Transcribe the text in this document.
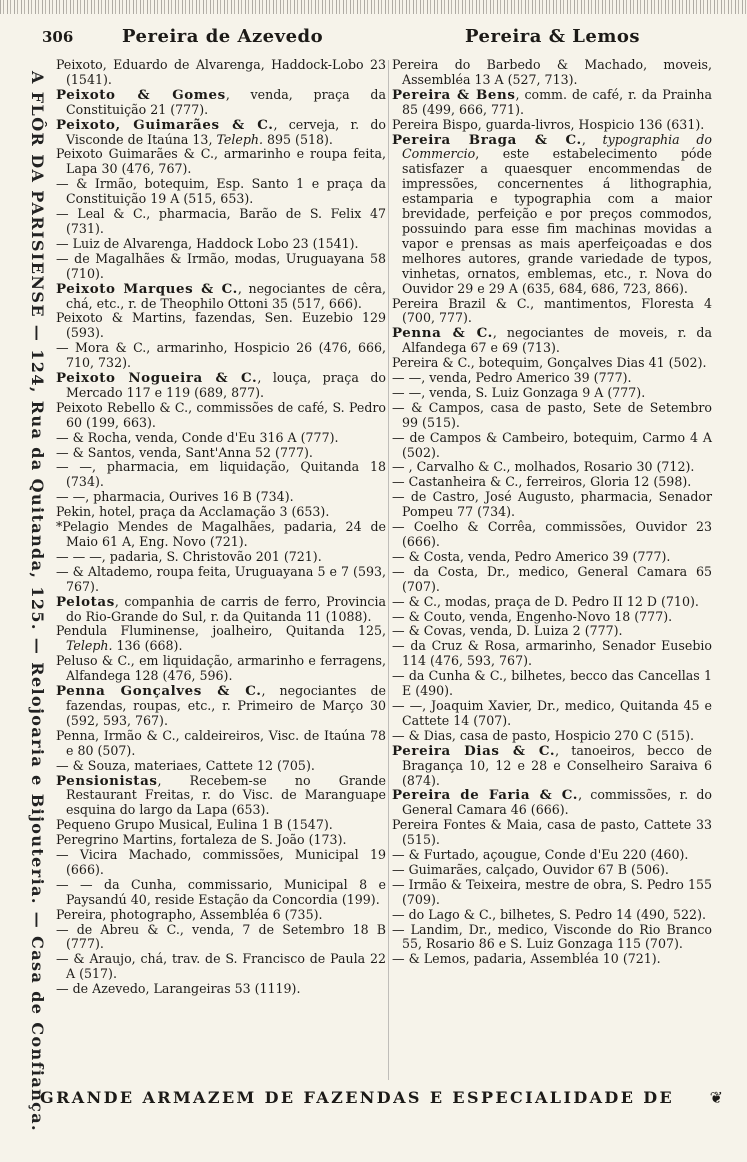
306	Pereira de Azevedo	Pereira & Lemos
A FLÔR DA PARISIENSE — 124, Rua da Quitanda, 125. — Relojoaria e Bijouteria. — Casa de Confiança.

Peixoto, Eduardo de Alvarenga, Haddock-Lobo 23 (1541).

Peixoto & Gomes, venda, praça da Constituição 21 (777).

Peixoto, Guimarães & C., cerveja, r. do Visconde de Itaúna 13, Teleph. 895 (518).

Peixoto Guimarães & C., armarinho e roupa feita, Lapa 30 (476, 767).

— & Irmão, botequim, Esp. Santo 1 e praça da Constituição 19 A (515, 653).

— Leal & C., pharmacia, Barão de S. Felix 47 (731).

— Luiz de Alvarenga, Haddock Lobo 23 (1541).

— de Magalhães & Irmão, modas, Uruguayana 58 (710).

Peixoto Marques & C., negociantes de cêra, chá, etc., r. de Theophilo Ottoni 35 (517, 666).

Peixoto & Martins, fazendas, Sen. Euzebio 129 (593).

— Mora & C., armarinho, Hospicio 26 (476, 666, 710, 732).

Peixoto Nogueira & C., louça, praça do Mercado 117 e 119 (689, 877).

Peixoto Rebello & C., commissões de café, S. Pedro 60 (199, 663).

— & Rocha, venda, Conde d'Eu 316 A (777).

— & Santos, venda, Sant'Anna 52 (777).

— —, pharmacia, em liquidação, Quitanda 18 (734).

— —, pharmacia, Ourives 16 B (734).

Pekin, hotel, praça da Acclamação 3 (653).

*Pelagio Mendes de Magalhães, padaria, 24 de Maio 61 A, Eng. Novo (721).

— — —, padaria, S. Christovão 201 (721).

— & Altademo, roupa feita, Uruguayana 5 e 7 (593, 767).

Pelotas, companhia de carris de ferro, Provincia do Rio-Grande do Sul, r. da Quitanda 11 (1088).

Pendula Fluminense, joalheiro, Quitanda 125, Teleph. 136 (668).

Peluso & C., em liquidação, armarinho e ferragens, Alfandega 128 (476, 596).

Penna Gonçalves & C., negociantes de fazendas, roupas, etc., r. Primeiro de Março 30 (592, 593, 767).

Penna, Irmão & C., caldeireiros, Visc. de Itaúna 78 e 80 (507).

— & Souza, materiaes, Cattete 12 (705).

Pensionistas, Recebem-se no Grande Restaurant Freitas, r. do Visc. de Maranguape esquina do largo da Lapa (653).

Pequeno Grupo Musical, Eulina 1 B (1547).

Peregrino Martins, fortaleza de S. João (173).

— Vicira Machado, commissões, Municipal 19 (666).

— — da Cunha, commissario, Municipal 8 e Paysandú 40, reside Estação da Concordia (199).

Pereira, photographo, Assembléa 6 (735).

— de Abreu & C., venda, 7 de Setembro 18 B (777).

— & Araujo, chá, trav. de S. Francisco de Paula 22 A (517).

— de Azevedo, Larangeiras 53 (1119).

Pereira do Barbedo & Machado, moveis, Assembléa 13 A (527, 713).

Pereira & Bens, comm. de café, r. da Prainha 85 (499, 666, 771).

Pereira Bispo, guarda-livros, Hospicio 136 (631).

Pereira Braga & C., typographia do Commercio, este estabelecimento póde satisfazer a quaesquer encommendas de impressões, concernentes á lithographia, estamparia e typographia com a maior brevidade, perfeição e por preços commodos, possuindo para esse fim machinas movidas a vapor e prensas as mais aperfeiçoadas e dos melhores autores, grande variedade de typos, vinhetas, ornatos, emblemas, etc., r. Nova do Ouvidor 29 e 29 A (635, 684, 686, 723, 866).

Pereira Brazil & C., mantimentos, Floresta 4 (700, 777).

Penna & C., negociantes de moveis, r. da Alfandega 67 e 69 (713).

Pereira & C., botequim, Gonçalves Dias 41 (502).

— —, venda, Pedro Americo 39 (777).

— —, venda, S. Luiz Gonzaga 9 A (777).

— & Campos, casa de pasto, Sete de Setembro 99 (515).

— de Campos & Cambeiro, botequim, Carmo 4 A (502).

— , Carvalho & C., molhados, Rosario 30 (712).

— Castanheira & C., ferreiros, Gloria 12 (598).

— de Castro, José Augusto, pharmacia, Senador Pompeu 77 (734).

— Coelho & Corrêa, commissões, Ouvidor 23 (666).

— & Costa, venda, Pedro Americo 39 (777).

— da Costa, Dr., medico, General Camara 65 (707).

— & C., modas, praça de D. Pedro II 12 D (710).

— & Couto, venda, Engenho-Novo 18 (777).

— & Covas, venda, D. Luiza 2 (777).

— da Cruz & Rosa, armarinho, Senador Eusebio 114 (476, 593, 767).

— da Cunha & C., bilhetes, becco das Cancellas 1 E (490).

— —, Joaquim Xavier, Dr., medico, Quitanda 45 e Cattete 14 (707).

— & Dias, casa de pasto, Hospicio 270 C (515).

Pereira Dias & C., tanoeiros, becco de Bragança 10, 12 e 28 e Conselheiro Saraiva 6 (874).

Pereira de Faria & C., commissões, r. do General Camara 46 (666).

Pereira Fontes & Maia, casa de pasto, Cattete 33 (515).

— & Furtado, açougue, Conde d'Eu 220 (460).

— Guimarães, calçado, Ouvidor 67 B (506).

— Irmão & Teixeira, mestre de obra, S. Pedro 155 (709).

— do Lago & C., bilhetes, S. Pedro 14 (490, 522).

— Landim, Dr., medico, Visconde do Rio Branco 55, Rosario 86 e S. Luiz Gonzaga 115 (707).

— & Lemos, padaria, Assembléa 10 (721).

GRANDE ARMAZEM DE FAZENDAS E ESPECIALIDADE DE	❦
